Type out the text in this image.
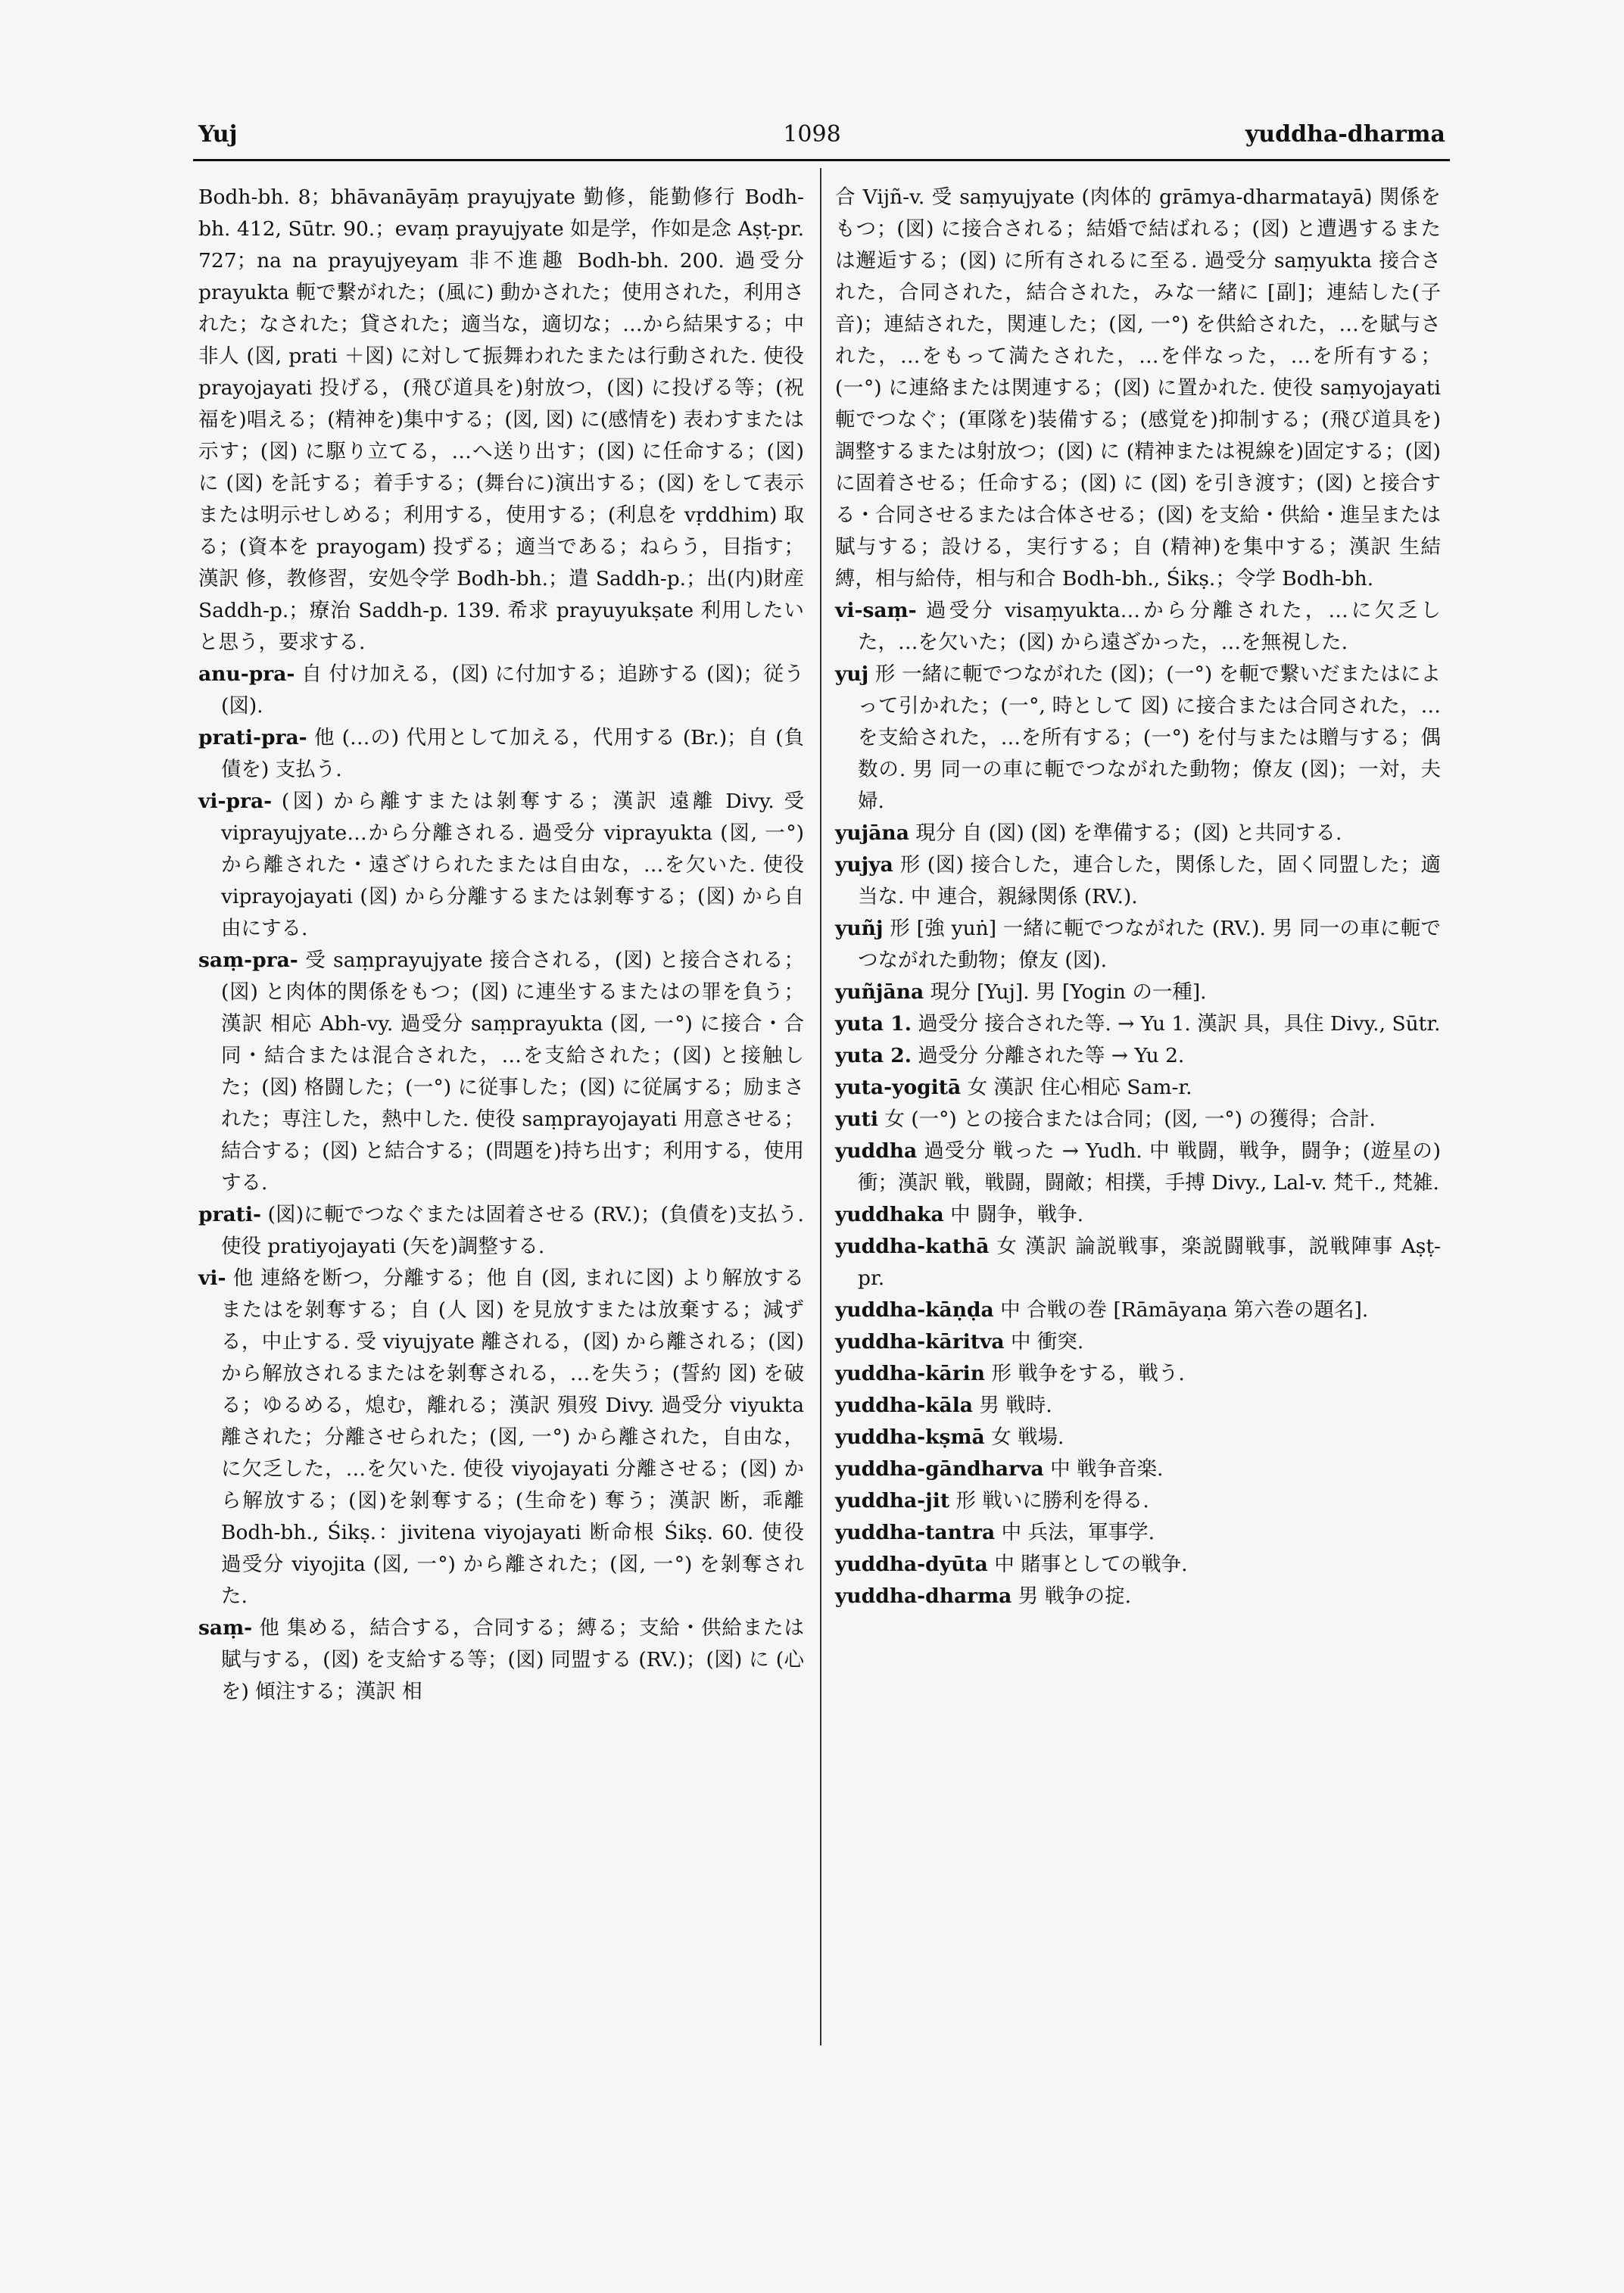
1098
Yuj	yuddha-dharma

Bodh-bh. 8；bhāvanāyāṃ prayujyate 勤修，能勤修行 Bodh-bh. 412, Sūtr. 90.；evaṃ prayujyate 如是学，作如是念 Aṣṭ-pr. 727；na na prayujyeyam 非不進趣 Bodh-bh. 200. 過受分 prayukta 軛で繋がれた；(風に) 動かされた；使用された，利用された；なされた；貸された；適当な，適切な；…から結果する；中 非人 (図, prati ＋図) に対して振舞われたまたは行動された. 使役 prayojayati 投げる，(飛び道具を)射放つ，(図) に投げる等；(祝福を)唱える；(精神を)集中する；(図, 図) に(感情を) 表わすまたは示す；(図) に駆り立てる，…へ送り出す；(図) に任命する；(図) に (図) を託する；着手する；(舞台に)演出する；(図) をして表示または明示せしめる；利用する，使用する；(利息を vṛddhim) 取る；(資本を prayogam) 投ずる；適当である；ねらう，目指す；漢訳 修，教修習，安処令学 Bodh-bh.；遣 Saddh-p.；出(内)財産 Saddh-p.；療治 Saddh-p. 139. 希求 prayuyukṣate 利用したいと思う，要求する.

anu-pra- 自 付け加える，(図) に付加する；追跡する (図)；従う (図).

prati-pra- 他 (…の) 代用として加える，代用する (Br.)；自 (負債を) 支払う.

vi-pra- (図) から離すまたは剝奪する；漢訳 遠離 Divy. 受 viprayujyate…から分離される. 過受分 viprayukta (図, 一°) から離された・遠ざけられたまたは自由な，…を欠いた. 使役 viprayojayati (図) から分離するまたは剝奪する；(図) から自由にする.

saṃ-pra- 受 saṃprayujyate 接合される，(図) と接合される；(図) と肉体的関係をもつ；(図) に連坐するまたはの罪を負う；漢訳 相応 Abh-vy. 過受分 saṃprayukta (図, 一°) に接合・合同・結合または混合された，…を支給された；(図) と接触した；(図) 格闘した；(一°) に従事した；(図) に従属する；励まされた；専注した，熱中した. 使役 saṃprayojayati 用意させる；結合する；(図) と結合する；(問題を)持ち出す；利用する，使用する.

prati- (図)に軛でつなぐまたは固着させる (RV.)；(負債を)支払う. 使役 pratiyojayati (矢を)調整する.

vi- 他 連絡を断つ，分離する；他 自 (図, まれに図) より解放するまたはを剝奪する；自 (人 図) を見放すまたは放棄する；減ずる，中止する. 受 viyujyate 離される，(図) から離される；(図) から解放されるまたはを剝奪される，…を失う；(誓約 図) を破る；ゆるめる，熄む，離れる；漢訳 殞歿 Divy. 過受分 viyukta 離された；分離させられた；(図, 一°) から離された，自由な，に欠乏した，…を欠いた. 使役 viyojayati 分離させる；(図) から解放する；(図)を剝奪する；(生命を) 奪う；漢訳 断，乖離 Bodh-bh., Śikṣ.：jivitena viyojayati 断命根 Śikṣ. 60. 使役 過受分 viyojita (図, 一°) から離された；(図, 一°) を剝奪された.

saṃ- 他 集める，結合する，合同する；縛る；支給・供給または賦与する，(図) を支給する等；(図) 同盟する (RV.)；(図) に (心を) 傾注する；漢訳 相

合 Vijñ-v. 受 saṃyujyate (肉体的 grāmya-dharmatayā) 関係をもつ；(図) に接合される；結婚で結ばれる；(図) と遭遇するまたは邂逅する；(図) に所有されるに至る. 過受分 saṃyukta 接合された，合同された，結合された，みな一緒に [副]；連結した(子音)；連結された，関連した；(図, 一°) を供給された，…を賦与された，…をもって満たされた，…を伴なった，…を所有する；(一°) に連絡または関連する；(図) に置かれた. 使役 saṃyojayati 軛でつなぐ；(軍隊を)装備する；(感覚を)抑制する；(飛び道具を)調整するまたは射放つ；(図) に (精神または視線を)固定する；(図) に固着させる；任命する；(図) に (図) を引き渡す；(図) と接合する・合同させるまたは合体させる；(図) を支給・供給・進呈または賦与する；設ける，実行する；自 (精神)を集中する；漢訳 生結縛，相与給侍，相与和合 Bodh-bh., Śikṣ.；令学 Bodh-bh.

vi-saṃ- 過受分 visaṃyukta…から分離された，…に欠乏した，…を欠いた；(図) から遠ざかった，…を無視した.

yuj 形 一緒に軛でつながれた (図)；(一°) を軛で繋いだまたはによって引かれた；(一°, 時として 図) に接合または合同された，…を支給された，…を所有する；(一°) を付与または贈与する；偶数の. 男 同一の車に軛でつながれた動物；僚友 (図)；一対，夫婦.

yujāna 現分 自 (図) (図) を準備する；(図) と共同する.

yujya 形 (図) 接合した，連合した，関係した，固く同盟した；適当な. 中 連合，親縁関係 (RV.).

yuñj 形 [強 yuṅ] 一緒に軛でつながれた (RV.). 男 同一の車に軛でつながれた動物；僚友 (図).

yuñjāna 現分 [Yuj]. 男 [Yogin の一種].

yuta 1. 過受分 接合された等. → Yu 1. 漢訳 具，具住 Divy., Sūtr.

yuta 2. 過受分 分離された等 → Yu 2.

yuta-yogitā 女 漢訳 住心相応 Sam-r.

yuti 女 (一°) との接合または合同；(図, 一°) の獲得；合計.

yuddha 過受分 戦った → Yudh. 中 戦闘，戦争，闘争；(遊星の) 衝；漢訳 戦，戦闘，闘敵；相撲，手搏 Divy., Lal-v. 梵千., 梵雑.

yuddhaka 中 闘争，戦争.

yuddha-kathā 女 漢訳 論説戦事，楽説闘戦事，説戦陣事 Aṣṭ-pr.

yuddha-kāṇḍa 中 合戦の巻 [Rāmāyaṇa 第六巻の題名].

yuddha-kāritva 中 衝突.

yuddha-kārin 形 戦争をする，戦う.

yuddha-kāla 男 戦時.

yuddha-kṣmā 女 戦場.

yuddha-gāndharva 中 戦争音楽.

yuddha-jit 形 戦いに勝利を得る.

yuddha-tantra 中 兵法，軍事学.

yuddha-dyūta 中 賭事としての戦争.

yuddha-dharma 男 戦争の掟.
